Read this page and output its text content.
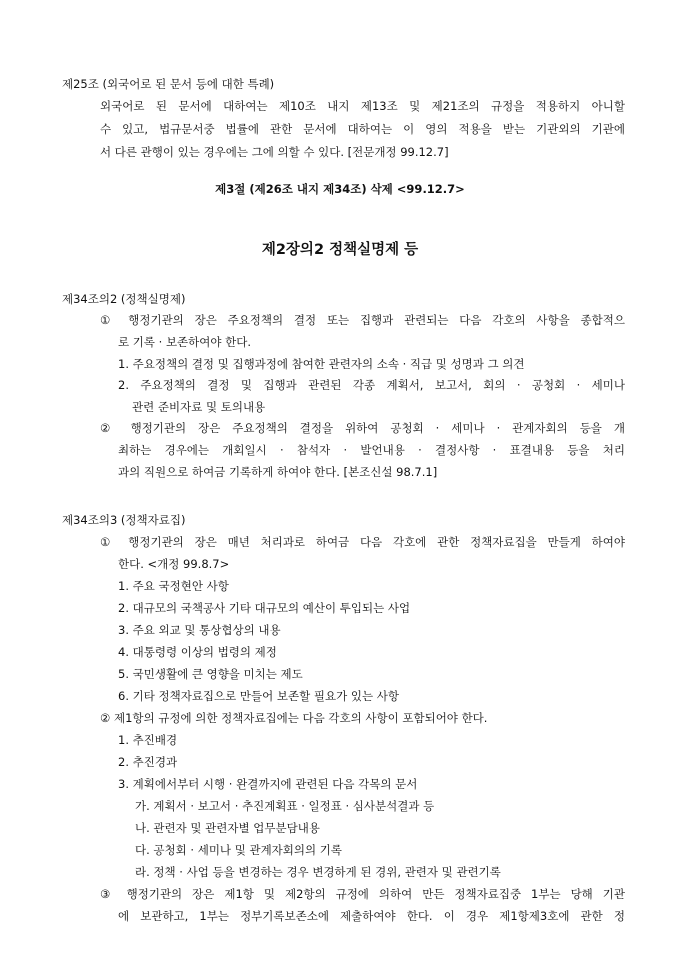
제25조 (외국어로 된 문서 등에 대한 특례)
외국어로 된 문서에 대하여는 제10조 내지 제13조 및 제21조의 규정을 적용하지 아니할
수 있고, 법규문서중 법률에 관한 문서에 대하여는 이 영의 적용을 받는 기관외의 기관에
서 다른 관행이 있는 경우에는 그에 의할 수 있다. [전문개정 99.12.7]
제3절 (제26조 내지 제34조) 삭제 <99.12.7>
제2장의2 정책실명제 등
제34조의2 (정책실명제)
① 행정기관의 장은 주요정책의 결정 또는 집행과 관련되는 다음 각호의 사항을 종합적으
로 기록 · 보존하여야 한다.
1. 주요정책의 결정 및 집행과정에 참여한 관련자의 소속 · 직급 및 성명과 그 의견
2. 주요정책의 결정 및 집행과 관련된 각종 계획서, 보고서, 회의 · 공청회 · 세미나
관련 준비자료 및 토의내용
② 행정기관의 장은 주요정책의 결정을 위하여 공청회 · 세미나 · 관계자회의 등을 개
최하는 경우에는 개회일시 · 참석자 · 발언내용 · 결정사항 · 표결내용 등을 처리
과의 직원으로 하여금 기록하게 하여야 한다. [본조신설 98.7.1]
제34조의3 (정책자료집)
① 행정기관의 장은 매년 처리과로 하여금 다음 각호에 관한 정책자료집을 만들게 하여야
한다. <개정 99.8.7>
1. 주요 국정현안 사항
2. 대규모의 국책공사 기타 대규모의 예산이 투입되는 사업
3. 주요 외교 및 통상협상의 내용
4. 대통령령 이상의 법령의 제정
5. 국민생활에 큰 영향을 미치는 제도
6. 기타 정책자료집으로 만들어 보존할 필요가 있는 사항
② 제1항의 규정에 의한 정책자료집에는 다음 각호의 사항이 포함되어야 한다.
1. 추진배경
2. 추진경과
3. 계획에서부터 시행 · 완결까지에 관련된 다음 각목의 문서
가. 계획서 · 보고서 · 추진계획표 · 일정표 · 심사분석결과 등
나. 관련자 및 관련자별 업무분담내용
다. 공청회 · 세미나 및 관계자회의의 기록
라. 정책 · 사업 등을 변경하는 경우 변경하게 된 경위, 관련자 및 관련기록
③ 행정기관의 장은 제1항 및 제2항의 규정에 의하여 만든 정책자료집중 1부는 당해 기관
에 보관하고, 1부는 정부기록보존소에 제출하여야 한다. 이 경우 제1항제3호에 관한 정
